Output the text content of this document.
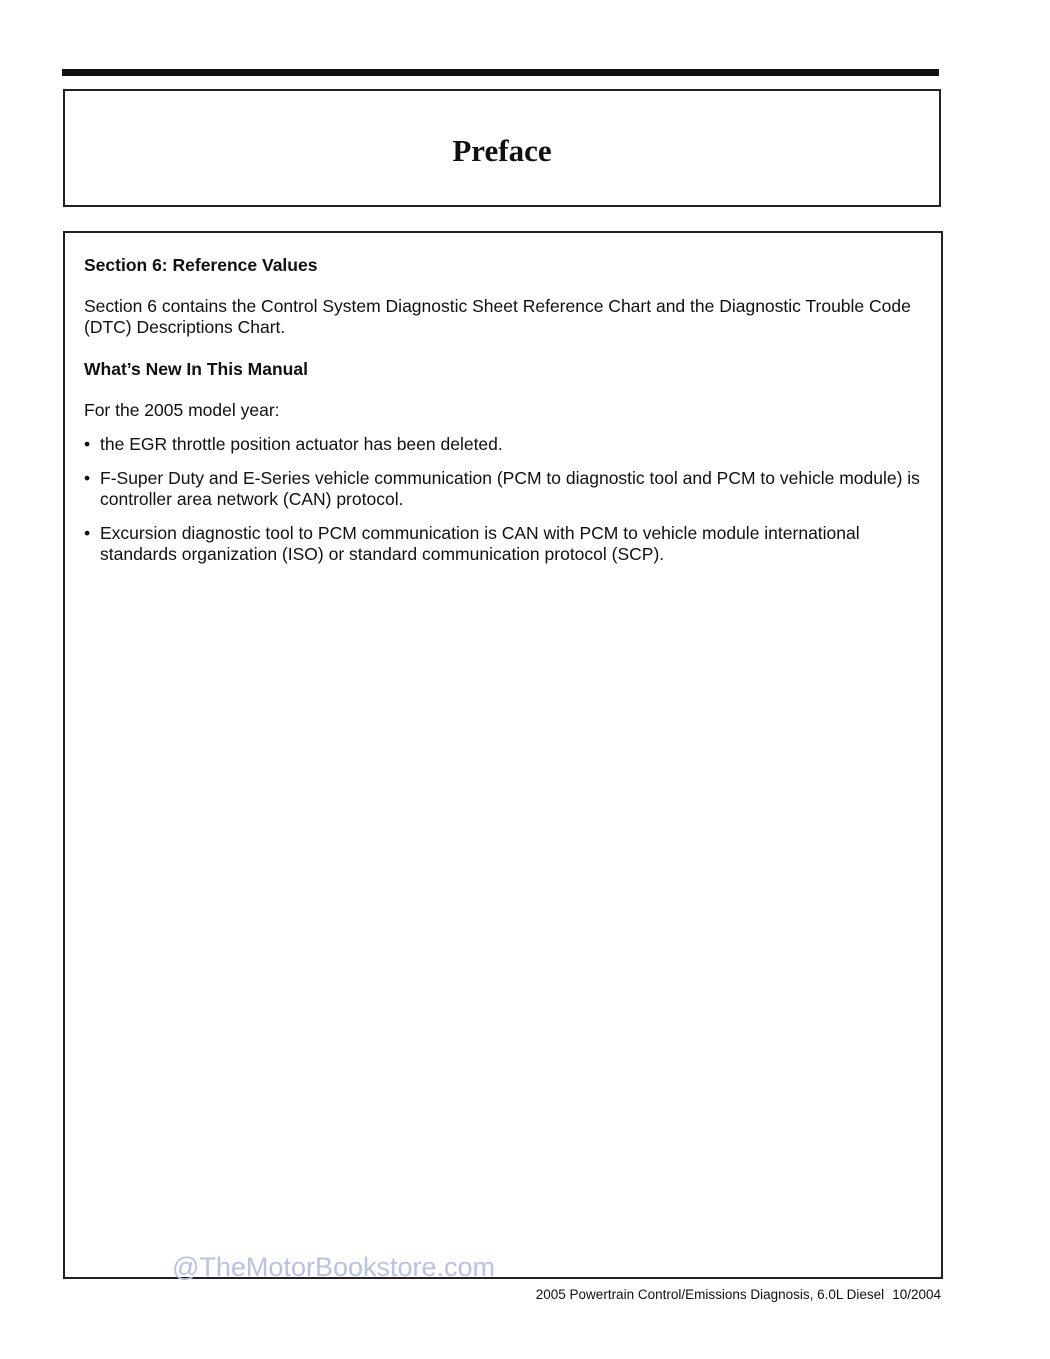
Preface
Section 6: Reference Values

Section 6 contains the Control System Diagnostic Sheet Reference Chart and the Diagnostic Trouble Code (DTC) Descriptions Chart.

What’s New In This Manual

For the 2005 model year:

• the EGR throttle position actuator has been deleted.
• F-Super Duty and E-Series vehicle communication (PCM to diagnostic tool and PCM to vehicle module) is controller area network (CAN) protocol.
• Excursion diagnostic tool to PCM communication is CAN with PCM to vehicle module international standards organization (ISO) or standard communication protocol (SCP).
@TheMotorBookstore.com
2005 Powertrain Control/Emissions Diagnosis, 6.0L Diesel 10/2004
